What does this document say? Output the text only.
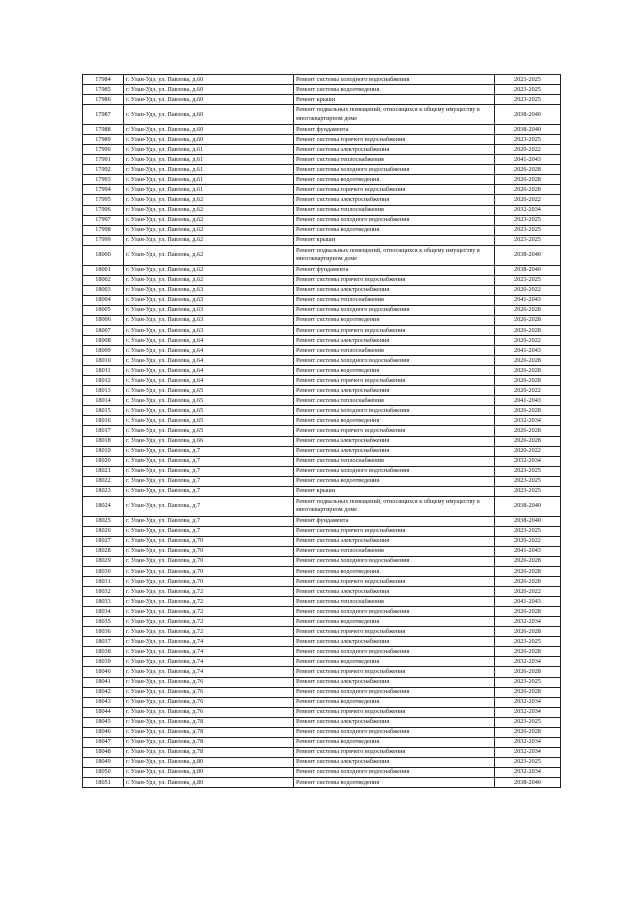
17984	г. Улан-Удэ, ул. Павлова, д.60	Ремонт системы холодного водоснабжения	2023-2025
17985	г. Улан-Удэ, ул. Павлова, д.60	Ремонт системы водоотведения	2023-2025
17986	г. Улан-Удэ, ул. Павлова, д.60	Ремонт крыши	2023-2025
17987	г. Улан-Удэ, ул. Павлова, д.60	Ремонт подвальных помещений, относящихся к общему имуществу в многоквартирном доме	2038-2040
17988	г. Улан-Удэ, ул. Павлова, д.60	Ремонт фундамента	2038-2040
17989	г. Улан-Удэ, ул. Павлова, д.60	Ремонт системы горячего водоснабжения	2023-2025
17990	г. Улан-Удэ, ул. Павлова, д.61	Ремонт системы электроснабжения	2020-2022
17991	г. Улан-Удэ, ул. Павлова, д.61	Ремонт системы теплоснабжения	2041-2043
17992	г. Улан-Удэ, ул. Павлова, д.61	Ремонт системы холодного водоснабжения	2026-2028
17993	г. Улан-Удэ, ул. Павлова, д.61	Ремонт системы водоотведения	2026-2028
17994	г. Улан-Удэ, ул. Павлова, д.61	Ремонт системы горячего водоснабжения	2026-2028
17995	г. Улан-Удэ, ул. Павлова, д.62	Ремонт системы электроснабжения	2020-2022
17996	г. Улан-Удэ, ул. Павлова, д.62	Ремонт системы теплоснабжения	2032-2034
17997	г. Улан-Удэ, ул. Павлова, д.62	Ремонт системы холодного водоснабжения	2023-2025
17998	г. Улан-Удэ, ул. Павлова, д.62	Ремонт системы водоотведения	2023-2025
17999	г. Улан-Удэ, ул. Павлова, д.62	Ремонт крыши	2023-2025
18000	г. Улан-Удэ, ул. Павлова, д.62	Ремонт подвальных помещений, относящихся к общему имуществу в многоквартирном доме	2038-2040
18001	г. Улан-Удэ, ул. Павлова, д.62	Ремонт фундамента	2038-2040
18002	г. Улан-Удэ, ул. Павлова, д.62	Ремонт системы горячего водоснабжения	2023-2025
18003	г. Улан-Удэ, ул. Павлова, д.63	Ремонт системы электроснабжения	2020-2022
18004	г. Улан-Удэ, ул. Павлова, д.63	Ремонт системы теплоснабжения	2041-2043
18005	г. Улан-Удэ, ул. Павлова, д.63	Ремонт системы холодного водоснабжения	2026-2028
18006	г. Улан-Удэ, ул. Павлова, д.63	Ремонт системы водоотведения	2026-2028
18007	г. Улан-Удэ, ул. Павлова, д.63	Ремонт системы горячего водоснабжения	2026-2028
18008	г. Улан-Удэ, ул. Павлова, д.64	Ремонт системы электроснабжения	2020-2022
18009	г. Улан-Удэ, ул. Павлова, д.64	Ремонт системы теплоснабжения	2041-2043
18010	г. Улан-Удэ, ул. Павлова, д.64	Ремонт системы холодного водоснабжения	2026-2028
18011	г. Улан-Удэ, ул. Павлова, д.64	Ремонт системы водоотведения	2026-2028
18012	г. Улан-Удэ, ул. Павлова, д.64	Ремонт системы горячего водоснабжения	2026-2028
18013	г. Улан-Удэ, ул. Павлова, д.65	Ремонт системы электроснабжения	2020-2022
18014	г. Улан-Удэ, ул. Павлова, д.65	Ремонт системы теплоснабжения	2041-2043
18015	г. Улан-Удэ, ул. Павлова, д.65	Ремонт системы холодного водоснабжения	2026-2028
18016	г. Улан-Удэ, ул. Павлова, д.65	Ремонт системы водоотведения	2032-2034
18017	г. Улан-Удэ, ул. Павлова, д.65	Ремонт системы горячего водоснабжения	2026-2028
18018	г. Улан-Удэ, ул. Павлова, д.66	Ремонт системы электроснабжения	2026-2028
18019	г. Улан-Удэ, ул. Павлова, д.7	Ремонт системы электроснабжения	2020-2022
18020	г. Улан-Удэ, ул. Павлова, д.7	Ремонт системы теплоснабжения	2032-2034
18021	г. Улан-Удэ, ул. Павлова, д.7	Ремонт системы холодного водоснабжения	2023-2025
18022	г. Улан-Удэ, ул. Павлова, д.7	Ремонт системы водоотведения	2023-2025
18023	г. Улан-Удэ, ул. Павлова, д.7	Ремонт крыши	2023-2025
18024	г. Улан-Удэ, ул. Павлова, д.7	Ремонт подвальных помещений, относящихся к общему имуществу в многоквартирном доме	2038-2040
18025	г. Улан-Удэ, ул. Павлова, д.7	Ремонт фундамента	2038-2040
18026	г. Улан-Удэ, ул. Павлова, д.7	Ремонт системы горячего водоснабжения	2023-2025
18027	г. Улан-Удэ, ул. Павлова, д.70	Ремонт системы электроснабжения	2020-2022
18028	г. Улан-Удэ, ул. Павлова, д.70	Ремонт системы теплоснабжения	2041-2043
18029	г. Улан-Удэ, ул. Павлова, д.70	Ремонт системы холодного водоснабжения	2026-2028
18030	г. Улан-Удэ, ул. Павлова, д.70	Ремонт системы водоотведения	2026-2028
18031	г. Улан-Удэ, ул. Павлова, д.70	Ремонт системы горячего водоснабжения	2026-2028
18032	г. Улан-Удэ, ул. Павлова, д.72	Ремонт системы электроснабжения	2020-2022
18033	г. Улан-Удэ, ул. Павлова, д.72	Ремонт системы теплоснабжения	2041-2043
18034	г. Улан-Удэ, ул. Павлова, д.72	Ремонт системы холодного водоснабжения	2026-2028
18035	г. Улан-Удэ, ул. Павлова, д.72	Ремонт системы водоотведения	2032-2034
18036	г. Улан-Удэ, ул. Павлова, д.72	Ремонт системы горячего водоснабжения	2026-2028
18037	г. Улан-Удэ, ул. Павлова, д.74	Ремонт системы электроснабжения	2023-2025
18038	г. Улан-Удэ, ул. Павлова, д.74	Ремонт системы холодного водоснабжения	2026-2028
18039	г. Улан-Удэ, ул. Павлова, д.74	Ремонт системы водоотведения	2032-2034
18040	г. Улан-Удэ, ул. Павлова, д.74	Ремонт системы горячего водоснабжения	2026-2028
18041	г. Улан-Удэ, ул. Павлова, д.76	Ремонт системы электроснабжения	2023-2025
18042	г. Улан-Удэ, ул. Павлова, д.76	Ремонт системы холодного водоснабжения	2026-2028
18043	г. Улан-Удэ, ул. Павлова, д.76	Ремонт системы водоотведения	2032-2034
18044	г. Улан-Удэ, ул. Павлова, д.76	Ремонт системы горячего водоснабжения	2032-2034
18045	г. Улан-Удэ, ул. Павлова, д.78	Ремонт системы электроснабжения	2023-2025
18046	г. Улан-Удэ, ул. Павлова, д.78	Ремонт системы холодного водоснабжения	2026-2028
18047	г. Улан-Удэ, ул. Павлова, д.78	Ремонт системы водоотведения	2032-2034
18048	г. Улан-Удэ, ул. Павлова, д.78	Ремонт системы горячего водоснабжения	2032-2034
18049	г. Улан-Удэ, ул. Павлова, д.80	Ремонт системы электроснабжения	2023-2025
18050	г. Улан-Удэ, ул. Павлова, д.80	Ремонт системы холодного водоснабжения	2032-2034
18051	г. Улан-Удэ, ул. Павлова, д.80	Ремонт системы водоотведения	2038-2040
